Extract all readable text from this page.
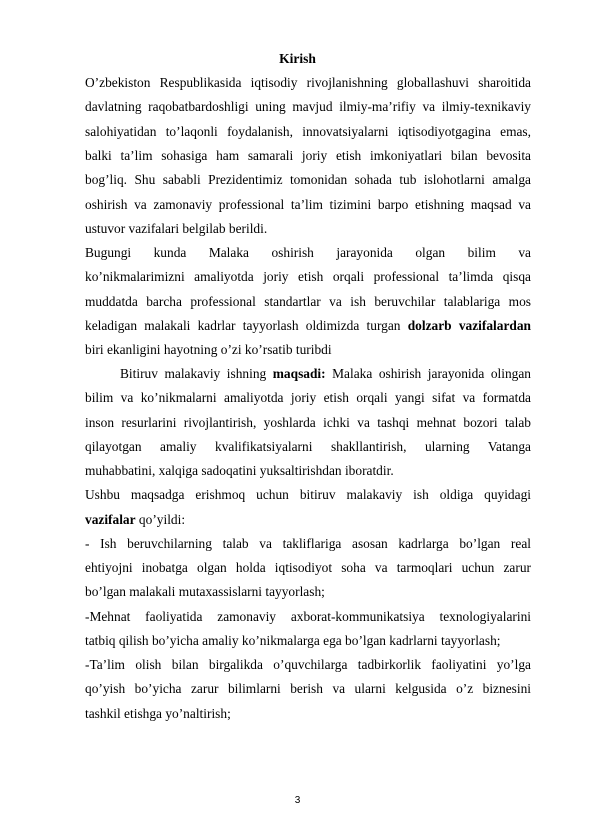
Kirish
O’zbekiston Respublikasida iqtisodiy rivojlanishning globallashuvi sharoitida
davlatning raqobatbardoshligi uning mavjud ilmiy-ma’rifiy va ilmiy-texnikaviy
salohiyatidan to’laqonli foydalanish, innovatsiyalarni iqtisodiyotgagina emas,
balki ta’lim sohasiga ham samarali joriy etish imkoniyatlari bilan bevosita
bog’liq. Shu sababli Prezidentimiz tomonidan sohada tub islohotlarni amalga
oshirish va zamonaviy professional ta’lim tizimini barpo etishning maqsad va
ustuvor vazifalari belgilab berildi.
Bugungi kunda Malaka oshirish jarayonida olgan bilim va
ko’nikmalarimizni amaliyotda joriy etish orqali professional ta’limda qisqa
muddatda barcha professional standartlar va ish beruvchilar talablariga mos
keladigan malakali kadrlar tayyorlash oldimizda turgan dolzarb vazifalardan
biri ekanligini hayotning o’zi ko’rsatib turibdi
Bitiruv malakaviy ishning maqsadi: Malaka oshirish jarayonida olingan
bilim va ko’nikmalarni amaliyotda joriy etish orqali yangi sifat va formatda
inson resurlarini rivojlantirish, yoshlarda ichki va tashqi mehnat bozori talab
qilayotgan amaliy kvalifikatsiyalarni shakllantirish, ularning Vatanga
muhabbatini, xalqiga sadoqatini yuksaltirishdan iboratdir.
Ushbu maqsadga erishmoq uchun bitiruv malakaviy ish oldiga quyidagi
vazifalar qo’yildi:
- Ish beruvchilarning talab va takliflariga asosan kadrlarga bo’lgan real
ehtiyojni inobatga olgan holda iqtisodiyot soha va tarmoqlari uchun zarur
bo’lgan malakali mutaxassislarni tayyorlash;
-Mehnat faoliyatida zamonaviy axborat-kommunikatsiya texnologiyalarini
tatbiq qilish bo’yicha amaliy ko’nikmalarga ega bo’lgan kadrlarni tayyorlash;
-Ta’lim olish bilan birgalikda o’quvchilarga tadbirkorlik faoliyatini yo’lga
qo’yish bo’yicha zarur bilimlarni berish va ularni kelgusida o’z biznesini
tashkil etishga yo’naltirish;
3
